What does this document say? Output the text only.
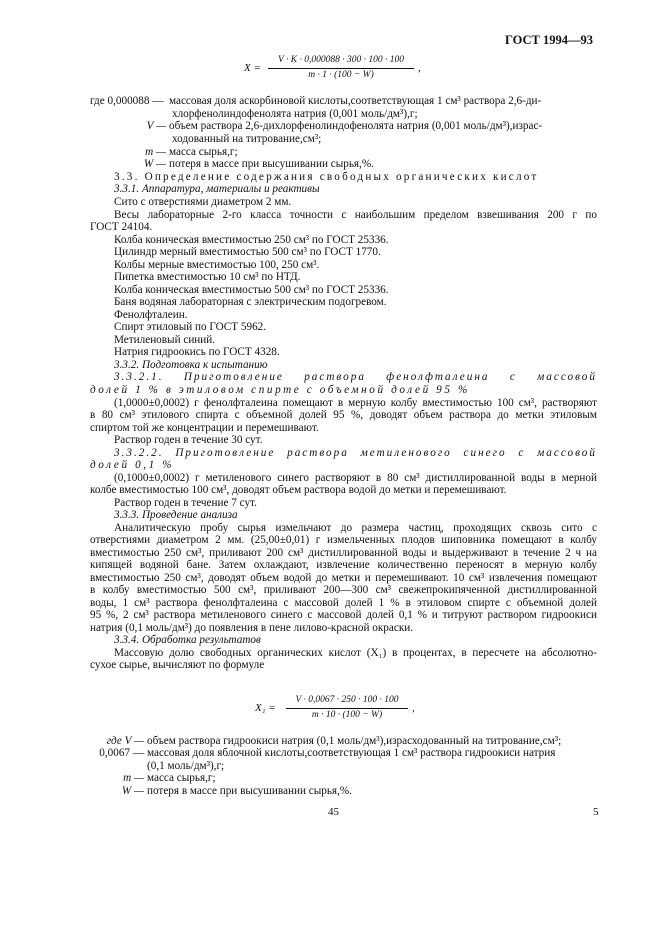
ГОСТ 1994—93
X =
V · K · 0,000088 · 300 · 100 · 100
m · 1 · (100 − W)
,
где 0,000088 — массовая доля аскорбиновой кислоты,соответствующая 1 см³ раствора 2,6-ди-
хлорфенолиндофенолята натрия (0,001 моль/дм³),г;
V — объем раствора 2,6-дихлорфенолиндофенолята натрия (0,001 моль/дм³),израс-
ходованный на титрование,см³;
m — масса сырья,г;
W — потеря в массе при высушивании сырья,%.
3.3. Определение содержания свободных органических кислот
3.3.1. Аппаратура, материалы и реактивы
Сито с отверстиями диаметром 2 мм.
Весы лабораторные 2-го класса точности с наибольшим пределом взвешивания 200 г по
ГОСТ 24104.
Колба коническая вместимостью 250 см³ по ГОСТ 25336.
Цилиндр мерный вместимостью 500 см³ по ГОСТ 1770.
Колбы мерные вместимостью 100, 250 см³.
Пипетка вместимостью 10 см³ по НТД.
Колба коническая вместимостью 500 см³ по ГОСТ 25336.
Баня водяная лабораторная с электрическим подогревом.
Фенолфталеин.
Спирт этиловый по ГОСТ 5962.
Метиленовый синий.
Натрия гидроокись по ГОСТ 4328.
3.3.2. Подготовка к испытанию
3.3.2.1. Приготовление раствора фенолфталеина с массовой
долей 1 % в этиловом спирте с объемной долей 95 %
(1,0000±0,0002) г фенолфталеина помещают в мерную колбу вместимостью 100 см³, растворяют
в 80 см³ этилового спирта с объемной долей 95 %, доводят объем раствора до метки этиловым
спиртом той же концентрации и перемешивают.
Раствор годен в течение 30 сут.
3.3.2.2. Приготовление раствора метиленового синего с массовой
долей 0,1 %
(0,1000±0,0002) г метиленового синего растворяют в 80 см³ дистиллированной воды в мерной
колбе вместимостью 100 см³, доводят объем раствора водой до метки и перемешивают.
Раствор годен в течение 7 сут.
3.3.3. Проведение анализа
Аналитическую пробу сырья измельчают до размера частиц, проходящих сквозь сито с
отверстиями диаметром 2 мм. (25,00±0,01) г измельченных плодов шиповника помещают в колбу
вместимостью 250 см³, приливают 200 см³ дистиллированной воды и выдерживают в течение 2 ч на
кипящей водяной бане. Затем охлаждают, извлечение количественно переносят в мерную колбу
вместимостью 250 см³, доводят объем водой до метки и перемешивают. 10 см³ извлечения помещают
в колбу вместимостью 500 см³, приливают 200—300 см³ свежепрокипяченной дистиллированной
воды, 1 см³ раствора фенолфталеина с массовой долей 1 % в этиловом спирте с объемной долей
95 %, 2 см³ раствора метиленового синего с массовой долей 0,1 % и титруют раствором гидроокиси
натрия (0,1 моль/дм³) до появления в пене лилово-красной окраски.
3.3.4. Обработка результатов
Массовую долю свободных органических кислот (X₁) в процентах, в пересчете на абсолютно-
сухое сырье, вычисляют по формуле
X₁ =
V · 0,0067 · 250 · 100 · 100
m · 10 · (100 − W)
,
где V — объем раствора гидроокиси натрия (0,1 моль/дм³),израсходованный на титрование,см³;
0,0067 — массовая доля яблочной кислоты,соответствующая 1 см³ раствора гидроокиси натрия
(0,1 моль/дм³),г;
m — масса сырья,г;
W — потеря в массе при высушивании сырья,%.
45	5
